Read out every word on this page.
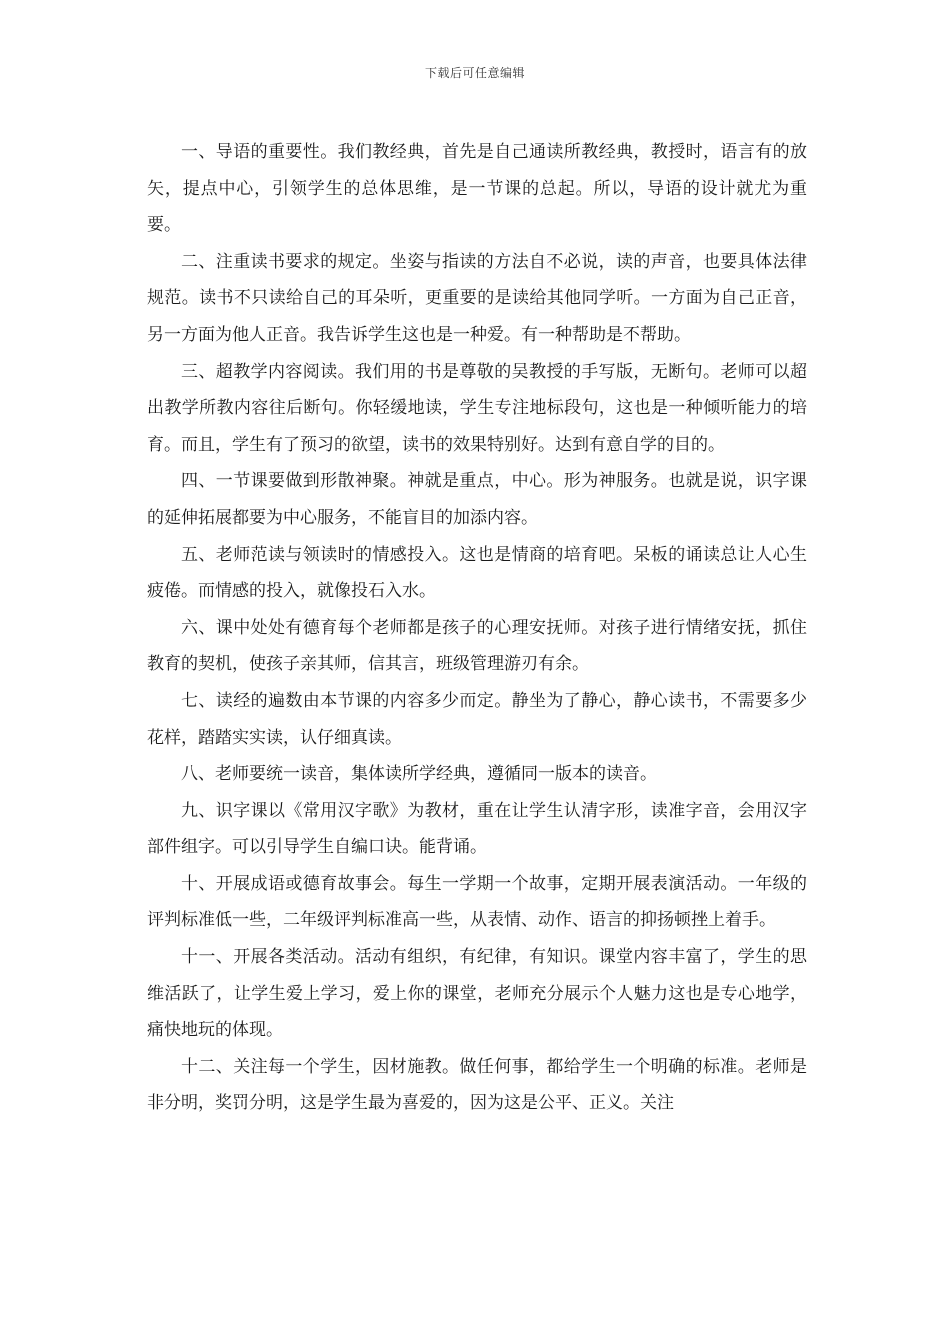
下载后可任意编辑

一、导语的重要性。我们教经典，首先是自己通读所教经典，教授时，语言有的放矢，提点中心，引领学生的总体思维，是一节课的总起。所以，导语的设计就尤为重要。

二、注重读书要求的规定。坐姿与指读的方法自不必说，读的声音，也要具体法律规范。读书不只读给自己的耳朵听，更重要的是读给其他同学听。一方面为自己正音，另一方面为他人正音。我告诉学生这也是一种爱。有一种帮助是不帮助。

三、超教学内容阅读。我们用的书是尊敬的吴教授的手写版，无断句。老师可以超出教学所教内容往后断句。你轻缓地读，学生专注地标段句，这也是一种倾听能力的培育。而且，学生有了预习的欲望，读书的效果特别好。达到有意自学的目的。

四、一节课要做到形散神聚。神就是重点，中心。形为神服务。也就是说，识字课的延伸拓展都要为中心服务，不能盲目的加添内容。

五、老师范读与领读时的情感投入。这也是情商的培育吧。呆板的诵读总让人心生疲倦。而情感的投入，就像投石入水。

六、课中处处有德育每个老师都是孩子的心理安抚师。对孩子进行情绪安抚，抓住教育的契机，使孩子亲其师，信其言，班级管理游刃有余。

七、读经的遍数由本节课的内容多少而定。静坐为了静心，静心读书，不需要多少花样，踏踏实实读，认仔细真读。

八、老师要统一读音，集体读所学经典，遵循同一版本的读音。

九、识字课以《常用汉字歌》为教材，重在让学生认清字形，读准字音，会用汉字部件组字。可以引导学生自编口诀。能背诵。

十、开展成语或德育故事会。每生一学期一个故事，定期开展表演活动。一年级的评判标准低一些，二年级评判标准高一些，从表情、动作、语言的抑扬顿挫上着手。

十一、开展各类活动。活动有组织，有纪律，有知识。课堂内容丰富了，学生的思维活跃了，让学生爱上学习，爱上你的课堂，老师充分展示个人魅力这也是专心地学，痛快地玩的体现。

十二、关注每一个学生，因材施教。做任何事，都给学生一个明确的标准。老师是非分明，奖罚分明，这是学生最为喜爱的，因为这是公平、正义。关注
